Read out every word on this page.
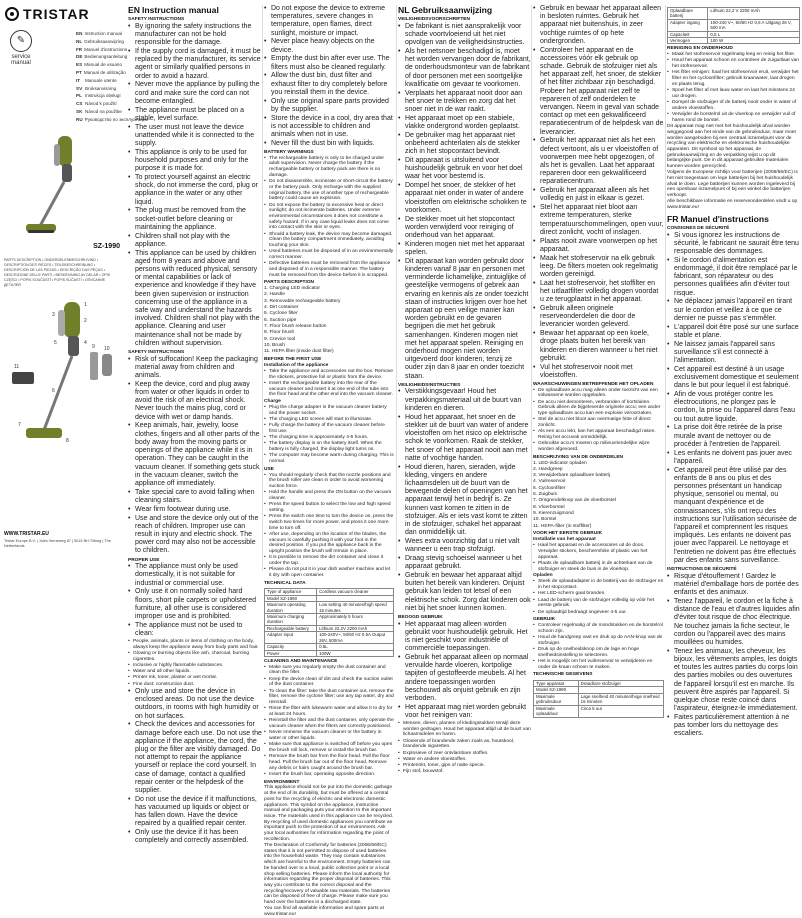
TRISTAR
✎
service
manual
EN Instruction manual
NL Gebruiksaanwijzing
FR Manuel d'instructions
DE Bedienungsanleitung
ES Manual de usuario
PT Manual de utilização
IT	Manuale utente
SV Bruksanvisning
PL Instrukcja obsługi
CS Návod k použití
SK Návod na použitie
RU Руководство по эксплуатации
SZ-1990
PARTS DESCRIPTION • ONDERDELENBESCHRIJVING • DESCRIPTION DES PIÈCES • TEILEBESCHREIBUNG • DESCRIPCIÓN DE LAS PIEZAS • DESCRIÇÃO DAS PEÇAS • DESCRIZIONE DELLE PARTI • BESKRIVNING AV DELAR • OPIS CZĘŚCI • POPIS SOUČÁSTÍ • POPIS SÚČASTÍ • ОПИСАНИЕ ДЕТАЛЕЙ
1
2
3
4
5
6
7
8
9 10
11
WWW.TRISTAR.EU
Tristar Europe B.V. | Jules Verneweg 87 | 5015 BH Tilburg | The Netherlands
EN Instruction manual
SAFETY INSTRUCTIONS

• By ignoring the safety instructions the manufacturer can not be hold responsible for the damage.

• If the supply cord is damaged, it must be replaced by the manufacturer, its service agent or similarly qualified persons in order to avoid a hazard.

• Never move the appliance by pulling the cord and make sure the cord can not become entangled.

• The appliance must be placed on a stable, level surface.

• The user must not leave the device unattended while it is connected to the supply.

• This appliance is only to be used for household purposes and only for the purpose it is made for.

• To protect yourself against an electric shock, do not immerse the cord, plug or appliance in the water or any other liquid.

• The plug must be removed from the socket-outlet before cleaning or maintaining the appliance.

• Children shall not play with the appliance.

• This appliance can be used by children aged from 8 years and above and persons with reduced physical, sensory or mental capabilities or lack of experience and knowledge if they have been given supervision or instruction concerning use of the appliance in a safe way and understand the hazards involved. Children shall not play with the appliance. Cleaning and user maintenance shall not be made by children without supervision.

SAFETY INSTRUCTIONS

• Risk of suffocation! Keep the packaging material away from children and animals.

• Keep the device, cord and plug away from water or other liquids in order to avoid the risk of an electrical shock. Never touch the mains plug, cord or device with wet or damp hands.

• Keep animals, hair, jewelry, loose clothes, fingers and all other parts of the body away from the moving parts or openings of the appliance while it is in operation. They can be caught in the vacuum cleaner. If something gets stuck in the vacuum cleaner, switch the appliance off immediately.

• Take special care to avoid falling when cleaning stairs.

• Wear firm footwear during use.

• Use and store the device only out of the reach of children. Improper use can result in injury and electric shock. The power cord may also not be accessible to children.

PROPER USE

• The appliance must only be used domestically, it is not suitable for industrial or commercial use.

• Only use it on normally soiled hard floors, short pile carpets or upholstered furniture, all other use is considered improper use and is prohibited.

• The appliance must not be used to clean:

• People, animals, plants or items of clothing on the body, always keep the appliance away from body parts and hair.

• Glowing or burning objects like ash, charcoal, burning cigarettes.

• Inclusive or highly flammable substances.

• Water and all other liquids.

• Printer ink, toner, plaster or wet mortar.

• Fine dust: construction dust.

• Only use and store the device in enclosed areas. Do not use the device outdoors, in rooms with high humidity or on hot surfaces.

• Check the devices and accessories for damage before each use. Do not use the appliance if the appliance, the cord, the plug or the filter are visibly damaged. Do not attempt to repair the appliance yourself or replace the cord yourself. In case of damage, contact a qualified repair center or the helpdesk of the supplier.

• Do not use the device if it malfunctions, has vacuumed up liquids or object or has fallen down. Have the device repaired by a qualified repair center.

• Only use the device if it has been completely and correctly assembled.

• Do not expose the device to extreme temperatures, severe changes in temperature, open flames, direct sunlight, moisture or impact.

• Never place heavy objects on the device.

• Empty the dust bin after ever use. The filters must also be cleaned regularly.

• Allow the dust bin, dust filter and exhaust filter to dry completely before you reinstall them in the device.

• Only use original spare parts provided by the supplier.

• Store the device in a cool, dry area that is not accessible to children and animals when not in use.

• Never fill the dust bin with liquids.

BATTERY WARNINGS

• The rechargeable battery is only to be charged under adult supervision. Never charge the battery if the rechargeable battery or battery pack are there is no damage.

• Do not disassemble, incinerate or short-circuit the battery or the battery pack. Only recharge with the supplied original battery, the use of another type of rechargeable battery could cause an explosion.

• Do not expose the battery to excessive heat or direct sunlight; do not incinerate batteries. Under extreme environmental circumstances it does not constitute a safety hazard. If in any case liquid leaks does not come into contact with the skin or eyes.

• Should a battery leak, the device may become damaged. Clean the battery compartment immediately, avoiding touching your skin.

• Used batteries must be disposed of in an environmentally correct manner.

• Defective batteries must be removed from the appliance and disposed of in a responsible manner. The battery must be removed from the device before it is scrapped.

PARTS DESCRIPTION

1. Charging LED indicator

2. Handle

3. Removable rechargeable battery

4. Dirt container

5. Cyclone filter

6. Suction pipe

7. Floor brush release button

8. Floor brush

9. Crevice tool

10. Brush

11. HEPA filter (inside dust filter)

BEFORE THE FIRST USE

Installation of the appliance

• Take the appliance and accessories out the box. Remove the stickers, protective foil or plastic from the device.

• Insert the rechargeable battery into the rear of the vacuum cleaner and insert it at one end of the tube into the floor head and the other end into the vacuum cleaner.

Charge

• Plug the charge adapter in the vacuum cleaner battery and the power socket.

• The charging LED screen will start to illuminate.

• Fully charge the battery of the vacuum cleaner before first use.

• The charging time is approximately 4-5 hours.

• The battery display is on the battery itself. When the battery is fully charged, the display light turns on.

• The computer may become warm during charging. This is normal.

USE

• You should regularly check that the nozzle positions and the brush roller are clean in order to avoid worsening suction force.

• Hold the handle and press the ON button on the vacuum cleaner.

• Press the speed button to select the low and high speed setting.

• Press the switch one time to turn the device on, press the switch two times for more power, and press it one more time to turn off.

• After use, depending on the location of the blades, the vacuum is carefully pushing it with your foot in the desired position. If you put the appliance back in the upright position the brush will remain in place.

• It is possible to remove the dirt container and clean it under the tap.

• Please do not put it in your dish washer machine and let it dry with open container.

TECHNICAL DATA
Type of appliance	Cordless vacuum cleaner
Model SZ-1990	
Maximum operating duration	Low setting 40 minutes/high speed 15 minutes
Maximum charging duration	Approximately 5 hours
Rechargeable battery	Lithium 22.2V 2200 mAh
Adapter input	100-240V~, 50/60 Hz 0.5A Output 26V, 500mA
Capacity	0.5L
Power	100W
CLEANING AND MAINTENANCE

• Make sure you regularly empty the dust container and clean the filter.

• Keep the device clean of dirt and check the suction outlet of the dust container.

• To clean the filter: take the dust container out, remove the filter, remove the cyclone filter; use any tap water, dry and reinstall.

• Rinse the filter with lukewarm water and allow it to dry for at least 24 hours.

• Reinstall the filter and the dust container, only operate the vacuum cleaner when the filters are correctly positioned.

• Never immerse the vacuum cleaner or the battery in water or other liquids.

• Make sure that appliance is switched off before you open the brush roll lock, remove or install the brush bar.

• Remove the brush bar from the floor head. Pull the floor head. Pull the brush bar out of the floor head. Remove any debris or hairs caught around the brush bar.

• Insert the brush bar, operating opposite direction.

ENVIRONMENT

This appliance should not be put into the domestic garbage at the end of its durability, but must be offered at a central point for the recycling of electric and electronic domestic appliances. This symbol on the appliance, instruction manual and packaging puts your attention to this important issue. The materials used in this appliance can be recycled. By recycling of used domestic appliances you contribute an important push to the protection of our environment. Ask your local authorities for information regarding the point of recollection.

The Declaration of Conformity for batteries (2006/66/EC) states that it is not permitted to dispose of used batteries into the household waste. They may contain substances which are harmful to the environment. Empty batteries can be handed over to a local, public collection point or a local shop selling batteries. Please inform the local authority for information regarding the proper disposal of batteries. This way you contribute to the correct disposal and the recycling/recovery of valuable raw materials. The batteries can be disposed of free of charge. Please make sure you hand over the batteries in a discharged state.

You can find all available information and spare parts at www.tristar.eu!

NL Gebruiksaanwijzing
VEILIGHEIDSVOORSCHRIFTEN

• De fabrikant is niet aansprakelijk voor schade voortvloeiend uit het niet opvolgen van de veiligheidsinstructies.

• Als het netsnoer beschadigd is, moet het worden vervangen door de fabrikant, de onderhoudsmonteur van de fabrikant of door personen met een soortgelijke kwalificatie om gevaar te voorkomen.

• Verplaats het apparaat nooit door aan het snoer te trekken en zorg dat het snoer niet in de war raakt.

• Het apparaat moet op een stabiele, vlakke ondergrond worden geplaatst.

• De gebruiker mag het apparaat niet onbeheerd achterlaten als de stekker zich in het stopcontact bevindt.

• Dit apparaat is uitsluitend voor huishoudelijk gebruik en voor het doel waar het voor bestemd is.

• Dompel het snoer, de stekker of het apparaat niet onder in water of andere vloeistoffen om elektrische schokken te voorkomen.

• De stekker moet uit het stopcontact worden verwijderd voor reiniging of onderhoud van het apparaat.

• Kinderen mogen niet met het apparaat spelen.

• Dit apparaat kan worden gebruikt door kinderen vanaf 8 jaar en personen met verminderde lichamelijke, zintuiglijke of geestelijke vermogens of gebrek aan ervaring en kennis als ze onder toezicht staan of instructies krijgen over hoe het apparaat op een veilige manier kan worden gebruikt en de gevaren begrijpen die met het gebruik samenhangen. Kinderen mogen niet met het apparaat spelen. Reiniging en onderhoud mogen niet worden uitgevoerd door kinderen, tenzij ze ouder zijn dan 8 jaar en onder toezicht staan.

VEILIGHEIDSINSTRUCTIES

• Verstikkingsgevaar! Houd het verpakkingsmateriaal uit de buurt van kinderen en dieren.

• Houd het apparaat, het snoer en de stekker uit de buurt van water of andere vloeistoffen om het risico op elektrische schok te voorkomen. Raak de stekker, het snoer of het apparaat nooit aan met natte of vochtige handen.

• Houd dieren, haren, sieraden, wijde kleding, vingers en andere lichaamsdelen uit de buurt van de bewegende delen of openingen van het apparaat terwijl het in bedrijf is. Ze kunnen vast komen te zitten in de stofzuiger. Als er iets vast komt te zitten in de stofzuiger, schakel het apparaat dan onmiddellijk uit.

• Wees extra voorzichtig dat u niet valt wanneer u een trap stofzuigt.

• Draag stevig schoeisel wanneer u het apparaat gebruikt.

• Gebruik en bewaar het apparaat altijd buiten het bereik van kinderen. Onjuist gebruik kan leiden tot letsel of een elektrische schok. Zorg dat kinderen ook niet bij het snoer kunnen komen.

BEOOGD GEBRUIK

• Het apparaat mag alleen worden gebruikt voor huishoudelijk gebruik. Het is niet geschikt voor industriële of commerciële toepassingen.

• Gebruik het apparaat alleen op normaal vervuilde harde vloeren, kortpolige tapijten of gestoffeerde meubels. Al het andere toepassingen worden beschouwd als onjuist gebruik en zijn verboden.

• Het apparaat mag niet worden gebruikt voor het reinigen van:

• Mensen, dieren, planten of kledingstukken terwijl deze worden gedragen. Houd het apparaat altijd uit de buurt van lichaamsdelen en haren.

• Gloeiende of brandende zaken zoals as, houtskool, brandende sigaretten.

• Explosieve of zeer ontvlambare stoffen.

• Water en andere vloeistoffen.

• Printerinkt, toner, gips of natte specie.

• Fijn stof, bouwstof.

• Gebruik en bewaar het apparaat alleen in besloten ruimtes. Gebruik het apparaat niet buitenshuis, in zeer vochtige ruimtes of op hete ondergronden.

• Controleer het apparaat en de accessoires vóór elk gebruik op schade. Gebruik de stofzuiger niet als het apparaat zelf, het snoer, de stekker of het filter zichtbaar zijn beschadigd. Probeer het apparaat niet zelf te repareren of zelf onderdelen te vervangen. Neem in geval van schade contact op met een gekwalificeerd reparatiecentrum of de helpdesk van de leverancier.

• Gebruik het apparaat niet als het een defect vertoont, als u er vloeistoffen of voorwerpen mee hebt opgezogen, of als het is gevallen. Laat het apparaat repareren door een gekwalificeerd reparatiecentrum.

• Gebruik het apparaat alleen als het volledig en juist in elkaar is gezet.

• Stel het apparaat niet bloot aan extreme temperaturen, sterke temperatuurschommelingen, open vuur, direct zonlicht, vocht of inslagen.

• Plaats nooit zware voorwerpen op het apparaat.

• Maak het stofreservoir na elk gebruik leeg. De filters moeten ook regelmatig worden gereinigd.

• Laat het stofreservoir, het stoffilter en het uitlaatfilter volledig drogen voordat u ze terugplaatst in het apparaat.

• Gebruik alleen originele reserveonderdelen die door de leverancier worden geleverd.

• Bewaar het apparaat op een koele, droge plaats buiten het bereik van kinderen en dieren wanneer u het niet gebruikt.

• Vul het stofreservoir nooit met vloeistoffen.

WAARSCHUWINGEN BETREFFENDE HET OPLADEN

• De oplaadbare accu mag alleen onder toezicht van een volwassene worden opgeladen.

• De accu niet demonteren, verbranden of kortsluiten. Gebruik alleen de bijgeleverde originele accu; een ander type oplaadbare accu kan een explosie veroorzaken.

• Stel de accu niet bloot aan overmatige hitte of direct zonlicht.

• Als een accu lekt, kan het apparaat beschadigd raken. Reinig het accuvak onmiddellijk.

• Gebruikte accu's moeten op milieuvriendelijke wijze worden afgevoerd.

BESCHRIJVING VAN DE ONDERDELEN

1. LED-indicator opladen

2. Handgreep

3. Verwijderbare oplaadbare batterij

4. Vuilreservoir

5. Cycloonfilter

6. Zuigbuis

7. Ontgrendelknop van de vloerborstel

8. Vloerborstel

9. Kierenzuigmond

10. Borstel

11. HEPA-filter (in stoffilter)

VOOR HET EERSTE GEBRUIK

Installatie van het apparaat

• Haal het apparaat en de accessoires uit de doos. Verwijder stickers, beschermfolie of plastic van het apparaat.

• Plaats de oplaadbare batterij in de achterkant van de stofzuiger en steek de buis in de vloerkop.

Opladen

• Steek de oplaadadapter in de batterij van de stofzuiger en in het stopcontact.

• Het LED-scherm gaat branden.

• Laad de batterij van de stofzuiger volledig op vóór het eerste gebruik.

• De oplaadtijd bedraagt ongeveer 4-5 uur.

GEBRUIK

• Controleer regelmatig of de mondstukken en de borstelrol schoon zijn.

• Houd de handgreep vast en druk op de AAN-knop van de stofzuiger.

• Druk op de snelheidsknop om de lage en hoge snelheidsinstelling te selecteren.

• Het is mogelijk om het vuilreservoir te verwijderen en onder de kraan schoon te maken.

TECHNISCHE GEGEVENS
Type apparaat	Draadloze stofzuiger
Model SZ-1990	
Maximale gebruiksduur	Lage snelheid 40 minuten/hoge snelheid 15 minuten
Maximale oplaadduur	Circa 5 uur
Oplaadbare batterij	Lithium 22,2 V 2200 mAh
Adapter ingang	100-240 V~, 50/60 Hz 0,5 A Uitgang 26 V, 500 mA
Capaciteit	0,5 L
Vermogen	100 W
REINIGING EN ONDERHOUD

• Maak het stofreservoir regelmatig leeg en reinig het filter.

• Houd het apparaat schoon en controleer de zuiguitlaat van het stofreservoir.

• Het filter reinigen: haal het stofreservoir eruit, verwijder het filter en het cycloonfilter; gebruik kraanwater, laat drogen en plaats terug.

• Spoel het filter af met lauw water en laat het minstens 24 uur drogen.

• Dompel de stofzuiger of de batterij nooit onder in water of andere vloeistoffen.

• Verwijder de borstelrol uit de vloerkop en verwijder vuil of haren rond de borstel.

Dit apparaat mag niet met het huishoudelijk afval worden weggegooid aan het einde van de gebruiksduur, maar moet worden aangeboden bij een centraal inzamelpunt voor de recycling van elektrische en elektronische huishoudelijke apparaten. Dit symbool op het apparaat, de gebruiksaanwijzing en de verpakking wijst u op dit belangrijke punt. De in dit apparaat gebruikte materialen kunnen worden gerecycled.

Volgens de Europese richtlijn voor batterijen (2006/66/EC) is het niet toegestaan om lege batterijen bij het huishoudelijk afval te doen. Lege batterijen kunnen worden ingeleverd bij een openbaar inzamelpunt of bij een winkel die batterijen verkoopt.

Alle beschikbare informatie en reserveonderdelen vindt u op www.tristar.eu!

FR Manuel d'instructions
CONSIGNES DE SÉCURITÉ

• Si vous ignorez les instructions de sécurité, le fabricant ne saurait être tenu responsable des dommages.

• Si le cordon d'alimentation est endommagé, il doit être remplacé par le fabricant, son réparateur ou des personnes qualifiées afin d'éviter tout risque.

• Ne déplacez jamais l'appareil en tirant sur le cordon et veillez à ce que ce dernier ne puisse pas s'emmêler.

• L'appareil doit être posé sur une surface stable et plane.

• Ne laissez jamais l'appareil sans surveillance s'il est connecté à l'alimentation.

• Cet appareil est destiné à un usage exclusivement domestique et seulement dans le but pour lequel il est fabriqué.

• Afin de vous protéger contre les électrocutions, ne plongez pas le cordon, la prise ou l'appareil dans l'eau ou tout autre liquide.

• La prise doit être retirée de la prise murale avant de nettoyer ou de procéder à l'entretien de l'appareil.

• Les enfants ne doivent pas jouer avec l'appareil.

• Cet appareil peut être utilisé par des enfants de 8 ans ou plus et des personnes présentant un handicap physique, sensoriel ou mental, ou manquant d'expérience et de connaissances, s'ils ont reçu des instructions sur l'utilisation sécurisée de l'appareil et comprennent les risques impliqués. Les enfants ne doivent pas jouer avec l'appareil. Le nettoyage et l'entretien ne doivent pas être effectués par des enfants sans surveillance.

INSTRUCTIONS DE SÉCURITÉ

• Risque d'étouffement ! Gardez le matériel d'emballage hors de portée des enfants et des animaux.

• Tenez l'appareil, le cordon et la fiche à distance de l'eau et d'autres liquides afin d'éviter tout risque de choc électrique. Ne touchez jamais la fiche secteur, le cordon ou l'appareil avec des mains mouillées ou humides.

• Tenez les animaux, les cheveux, les bijoux, les vêtements amples, les doigts et toutes les autres parties du corps loin des parties mobiles ou des ouvertures de l'appareil lorsqu'il est en marche. Ils peuvent être aspirés par l'appareil. Si quelque chose reste coincé dans l'aspirateur, éteignez-le immédiatement.

• Faites particulièrement attention à ne pas tomber lors du nettoyage des escaliers.
